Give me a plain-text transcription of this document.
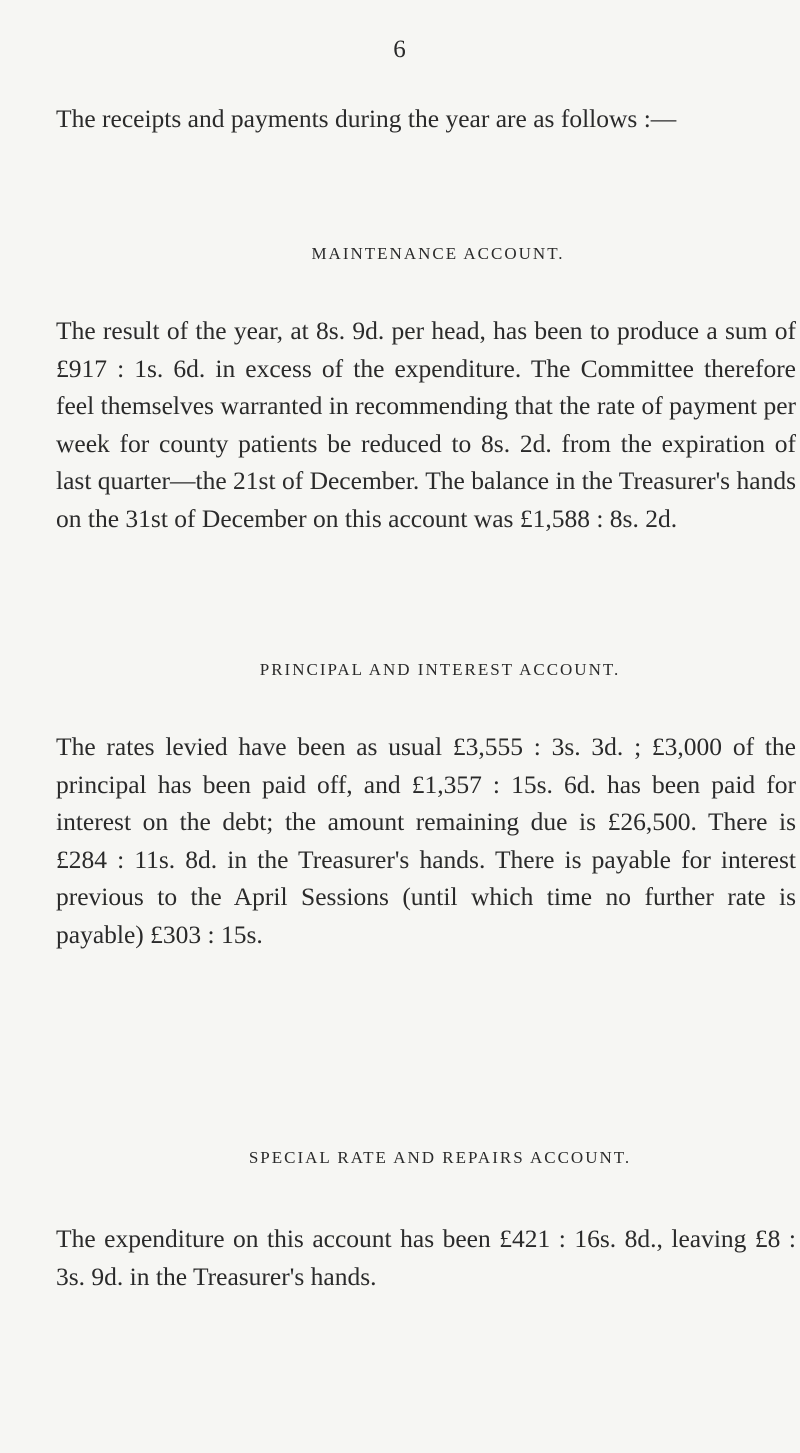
6

The receipts and payments during the year are as follows :—

MAINTENANCE ACCOUNT.

The result of the year, at 8s. 9d. per head, has been to produce a sum of £917 : 1s. 6d. in excess of the expenditure. The Committee therefore feel themselves warranted in recommending that the rate of payment per week for county patients be reduced to 8s. 2d. from the expiration of last quarter—the 21st of December. The balance in the Treasurer's hands on the 31st of December on this account was £1,588 : 8s. 2d.

PRINCIPAL AND INTEREST ACCOUNT.

The rates levied have been as usual £3,555 : 3s. 3d. ; £3,000 of the principal has been paid off, and £1,357 : 15s. 6d. has been paid for interest on the debt; the amount remaining due is £26,500. There is £284 : 11s. 8d. in the Treasurer's hands. There is payable for interest previous to the April Sessions (until which time no further rate is payable) £303 : 15s.

SPECIAL RATE AND REPAIRS ACCOUNT.

The expenditure on this account has been £421 : 16s. 8d., leaving £8 : 3s. 9d. in the Treasurer's hands.
